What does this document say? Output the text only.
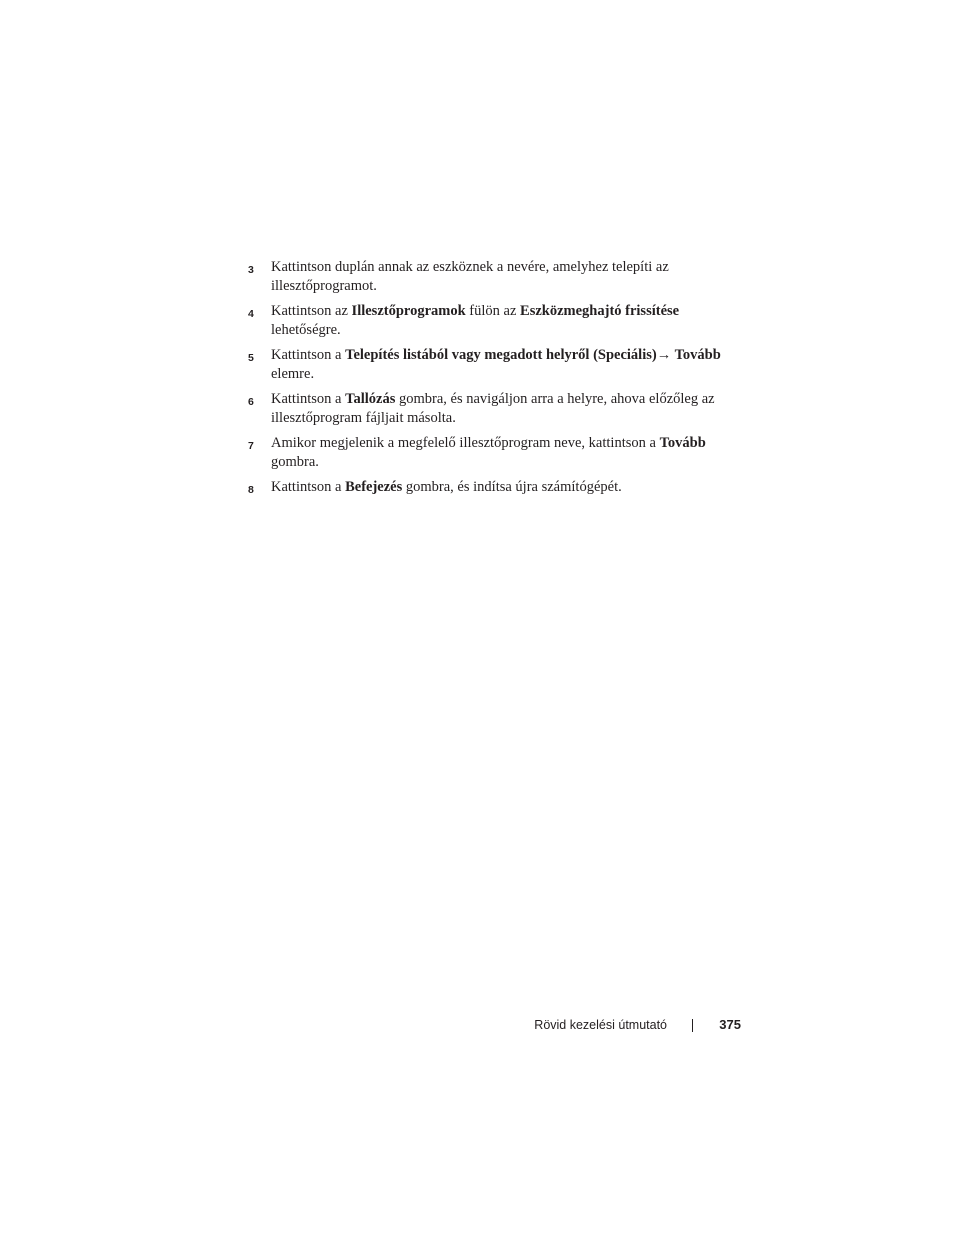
3	Kattintson duplán annak az eszköznek a nevére, amelyhez telepíti az illesztőprogramot.
4	Kattintson az Illesztőprogramok fülön az Eszközmeghajtó frissítése lehetőségre.
5	Kattintson a Telepítés listából vagy megadott helyről (Speciális)→ Tovább elemre.
6	Kattintson a Tallózás gombra, és navigáljon arra a helyre, ahova előzőleg az illesztőprogram fájljait másolta.
7	Amikor megjelenik a megfelelő illesztőprogram neve, kattintson a Tovább gombra.
8	Kattintson a Befejezés gombra, és indítsa újra számítógépét.
Rövid kezelési útmutató	375
